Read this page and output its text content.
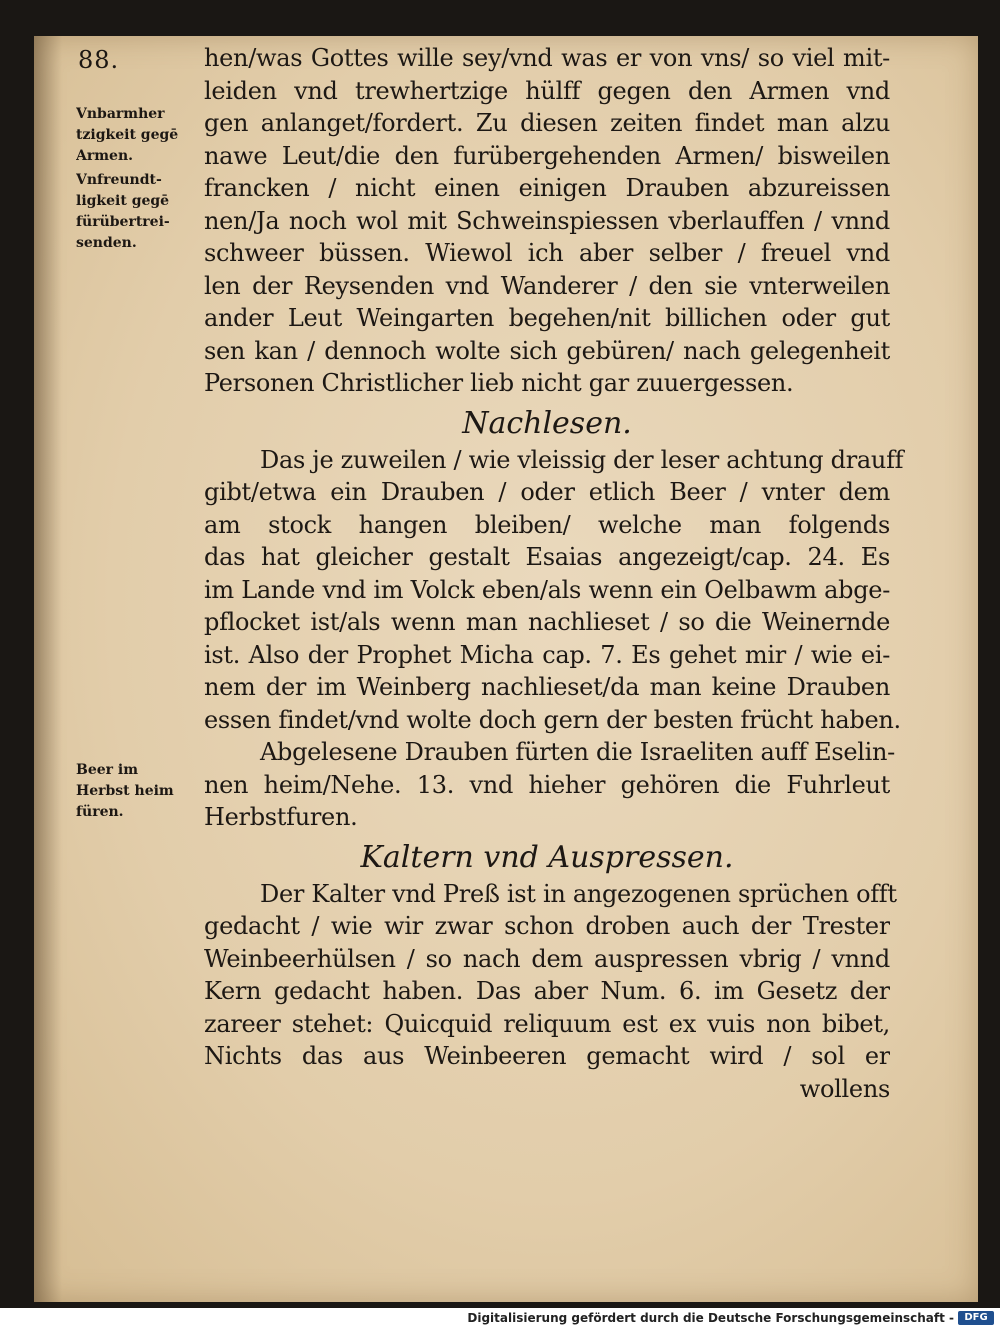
88.
Vnbarmher
tzigkeit gegē
Armen.
Vnfreundt-
ligkeit gegē
fürübertrei-
senden.
Beer im
Herbst heim
füren.
hen/was Gottes wille sey/vnd was er von vns/ so viel mit-
leiden vnd trewhertzige hülff gegen den Armen vnd
gen anlanget/fordert. Zu diesen zeiten findet man alzu
nawe Leut/die den furübergehenden Armen/ bisweilen
francken / nicht einen einigen Drauben abzureissen
nen/Ja noch wol mit Schweinspiessen vberlauffen / vnnd
schweer büssen. Wiewol ich aber selber / freuel vnd
len der Reysenden vnd Wanderer / den sie vnterweilen
ander Leut Weingarten begehen/nit billichen oder gut
sen kan / dennoch wolte sich gebüren/ nach gelegenheit
Personen Christlicher lieb nicht gar zuuergessen.
Nachlesen.
Das je zuweilen / wie vleissig der leser achtung drauff
gibt/etwa ein Drauben / oder etlich Beer / vnter dem
am stock hangen bleiben/ welche man folgends
das hat gleicher gestalt Esaias angezeigt/cap. 24. Es
im Lande vnd im Volck eben/als wenn ein Oelbawm abge-
pflocket ist/als wenn man nachlieset / so die Weinernde
ist. Also der Prophet Micha cap. 7. Es gehet mir / wie ei-
nem der im Weinberg nachlieset/da man keine Drauben
essen findet/vnd wolte doch gern der besten frücht haben.
Abgelesene Drauben fürten die Israeliten auff Eselin-
nen heim/Nehe. 13. vnd hieher gehören die Fuhrleut
Herbstfuren.
Kaltern vnd Auspressen.
Der Kalter vnd Preß ist in angezogenen sprüchen offt
gedacht / wie wir zwar schon droben auch der Trester
Weinbeerhülsen / so nach dem auspressen vbrig / vnnd
Kern gedacht haben. Das aber Num. 6. im Gesetz der
zareer stehet: Quicquid reliquum est ex vuis non bibet,
Nichts das aus Weinbeeren gemacht wird / sol er
wollens
Digitalisierung gefördert durch die Deutsche Forschungsgemeinschaft -	DFG
